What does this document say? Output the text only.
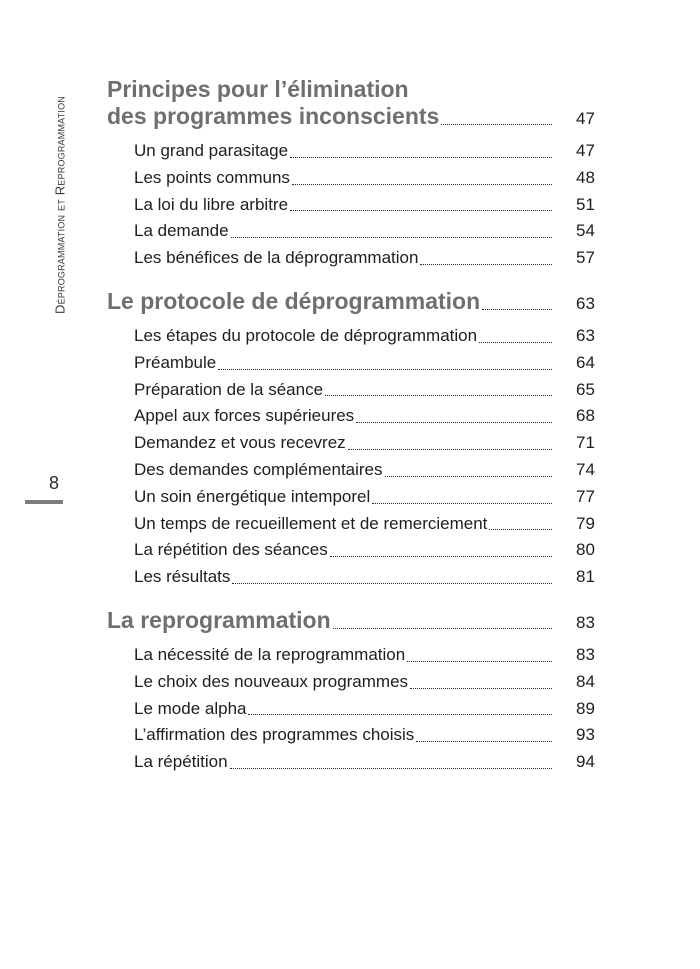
Déprogrammation et Reprogrammation
8
Principes pour l’élimination
des programmes inconscients	47
Un grand parasitage	47
Les points communs	48
La loi du libre arbitre	51
La demande	54
Les bénéfices de la déprogrammation	57
Le protocole de déprogrammation	63
Les étapes du protocole de déprogrammation	63
Préambule	64
Préparation de la séance	65
Appel aux forces supérieures	68
Demandez et vous recevrez	71
Des demandes complémentaires	74
Un soin énergétique intemporel	77
Un temps de recueillement et de remerciement	79
La répétition des séances	80
Les résultats	81
La reprogrammation	83
La nécessité de la reprogrammation	83
Le choix des nouveaux programmes	84
Le mode alpha	89
L’affirmation des programmes choisis	93
La répétition	94
